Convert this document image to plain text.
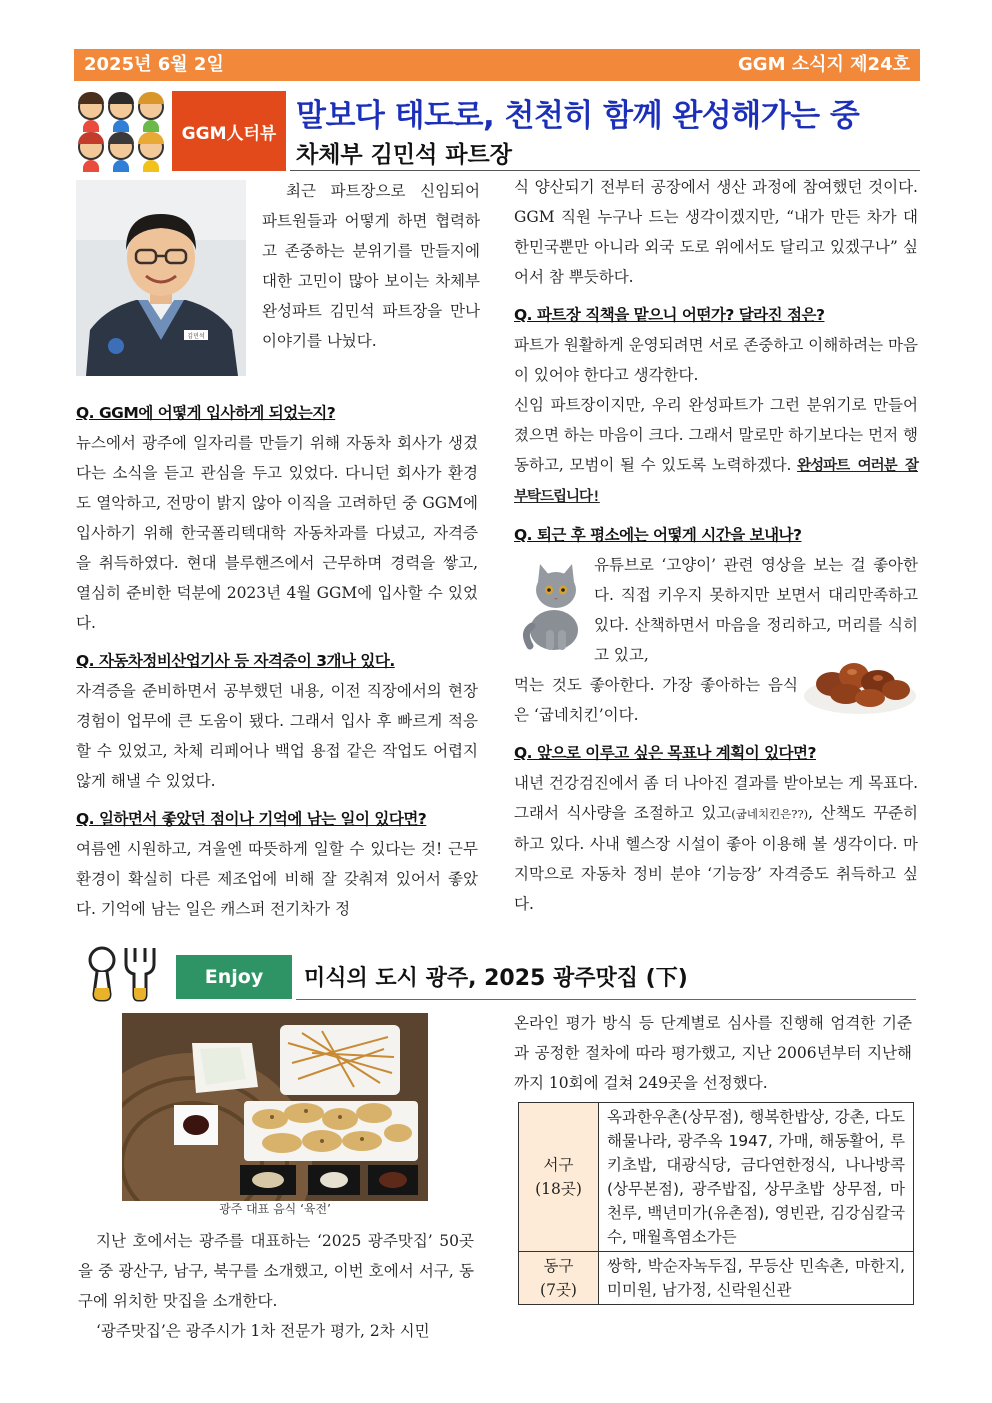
2025년 6월 2일	GGM 소식지 제24호
GGM人터뷰 말보다 태도로, 천천히 함께 완성해가는 중
차체부 김민석 파트장
김민석

최근 파트장으로 신임되어 파트원들과 어떻게 하면 협력하고 존중하는 분위기를 만들지에 대한 고민이 많아 보이는 차체부 완성파트 김민석 파트장을 만나 이야기를 나눴다.

Q. GGM에 어떻게 입사하게 되었는지?

뉴스에서 광주에 일자리를 만들기 위해 자동차 회사가 생겼다는 소식을 듣고 관심을 두고 있었다. 다니던 회사가 환경도 열악하고, 전망이 밝지 않아 이직을 고려하던 중 GGM에 입사하기 위해 한국폴리텍대학 자동차과를 다녔고, 자격증을 취득하였다. 현대 블루핸즈에서 근무하며 경력을 쌓고, 열심히 준비한 덕분에 2023년 4월 GGM에 입사할 수 있었다.

Q. 자동차정비산업기사 등 자격증이 3개나 있다.

자격증을 준비하면서 공부했던 내용, 이전 직장에서의 현장 경험이 업무에 큰 도움이 됐다. 그래서 입사 후 빠르게 적응할 수 있었고, 차체 리페어나 백업 용접 같은 작업도 어렵지 않게 해낼 수 있었다.

Q. 일하면서 좋았던 점이나 기억에 남는 일이 있다면?

여름엔 시원하고, 겨울엔 따뜻하게 일할 수 있다는 것! 근무환경이 확실히 다른 제조업에 비해 잘 갖춰져 있어서 좋았다. 기억에 남는 일은 캐스퍼 전기차가 정

식 양산되기 전부터 공장에서 생산 과정에 참여했던 것이다. GGM 직원 누구나 드는 생각이겠지만, “내가 만든 차가 대한민국뿐만 아니라 외국 도로 위에서도 달리고 있겠구나” 싶어서 참 뿌듯하다.

Q. 파트장 직책을 맡으니 어떤가? 달라진 점은?

파트가 원활하게 운영되려면 서로 존중하고 이해하려는 마음이 있어야 한다고 생각한다.

신임 파트장이지만, 우리 완성파트가 그런 분위기로 만들어졌으면 하는 마음이 크다. 그래서 말로만 하기보다는 먼저 행동하고, 모범이 될 수 있도록 노력하겠다. 완성파트 여러분 잘 부탁드립니다!

Q. 퇴근 후 평소에는 어떻게 시간을 보내나?

유튜브로 ‘고양이’ 관련 영상을 보는 걸 좋아한다. 직접 키우지 못하지만 보면서 대리만족하고 있다. 산책하면서 마음을 정리하고, 머리를 식히고 있고,

먹는 것도 좋아한다. 가장 좋아하는 음식은 ‘굽네치킨’이다.

Q. 앞으로 이루고 싶은 목표나 계획이 있다면?

내년 건강검진에서 좀 더 나아진 결과를 받아보는 게 목표다. 그래서 식사량을 조절하고 있고(굽네치킨은??), 산책도 꾸준히 하고 있다. 사내 헬스장 시설이 좋아 이용해 볼 생각이다. 마지막으로 자동차 정비 분야 ‘기능장’ 자격증도 취득하고 싶다.

Enjoy	미식의 도시 광주, 2025 광주맛집 (下)
광주 대표 음식 ‘육전’

지난 호에서는 광주를 대표하는 ‘2025 광주맛집’ 50곳을 중 광산구, 남구, 북구를 소개했고, 이번 호에서 서구, 동구에 위치한 맛집을 소개한다.

‘광주맛집’은 광주시가 1차 전문가 평가, 2차 시민

온라인 평가 방식 등 단계별로 심사를 진행해 엄격한 기준과 공정한 절차에 따라 평가했고, 지난 2006년부터 지난해까지 10회에 걸쳐 249곳을 선정했다.

서구
(18곳)	옥과한우촌(상무점), 행복한밥상, 강촌, 다도해물나라, 광주옥 1947, 가매, 해동활어, 루키초밥, 대광식당, 금다연한정식, 나나방콕(상무본점), 광주밥집, 상무초밥 상무점, 마천루, 백년미가(유촌점), 영빈관, 김강심칼국수, 매월흑염소가든
동구
(7곳)	쌍학, 박순자녹두집, 무등산 민속촌, 마한지, 미미원, 남가정, 신락원신관
